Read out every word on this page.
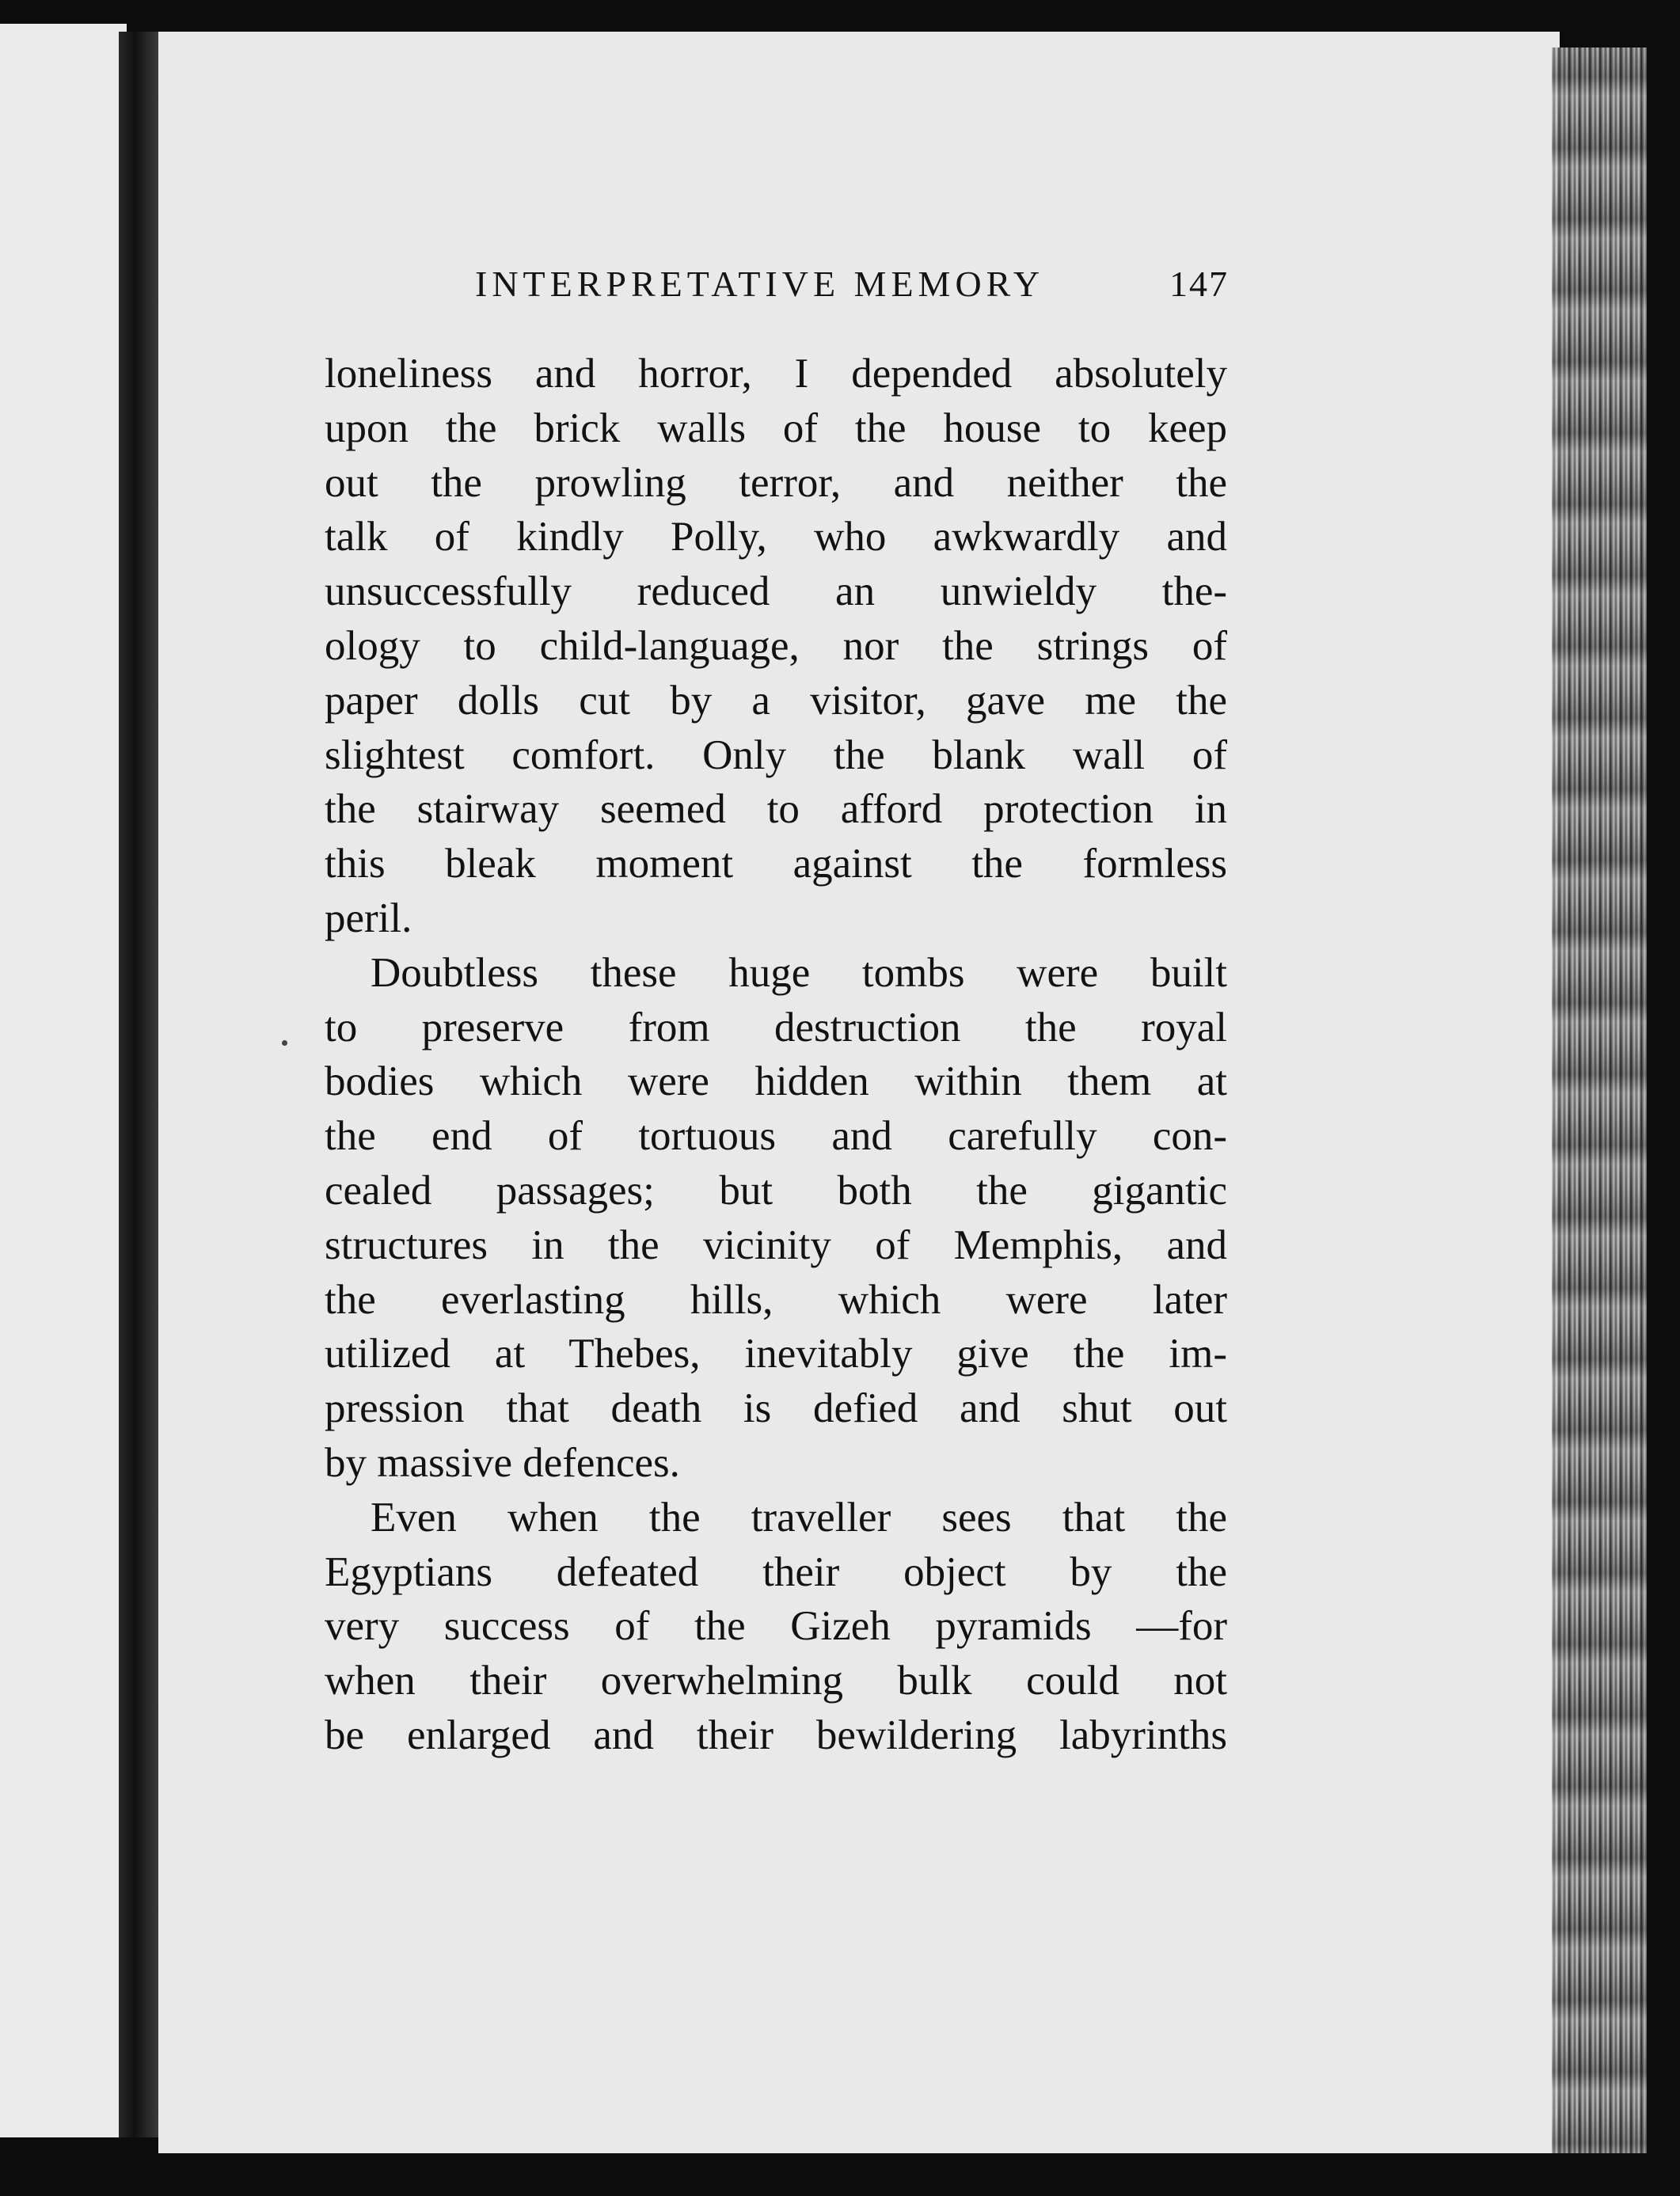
INTERPRETATIVE MEMORY	147
loneliness and horror, I depended absolutely
upon the brick walls of the house to keep
out the prowling terror, and neither the
talk of kindly Polly, who awkwardly and
unsuccessfully reduced an unwieldy the-
ology to child-language, nor the strings of
paper dolls cut by a visitor, gave me the
slightest comfort. Only the blank wall of
the stairway seemed to afford protection in
this bleak moment against the formless
peril.
Doubtless these huge tombs were built
to preserve from destruction the royal
bodies which were hidden within them at
the end of tortuous and carefully con-
cealed passages; but both the gigantic
structures in the vicinity of Memphis, and
the everlasting hills, which were later
utilized at Thebes, inevitably give the im-
pression that death is defied and shut out
by massive defences.
Even when the traveller sees that the
Egyptians defeated their object by the
very success of the Gizeh pyramids —for
when their overwhelming bulk could not
be enlarged and their bewildering labyrinths
